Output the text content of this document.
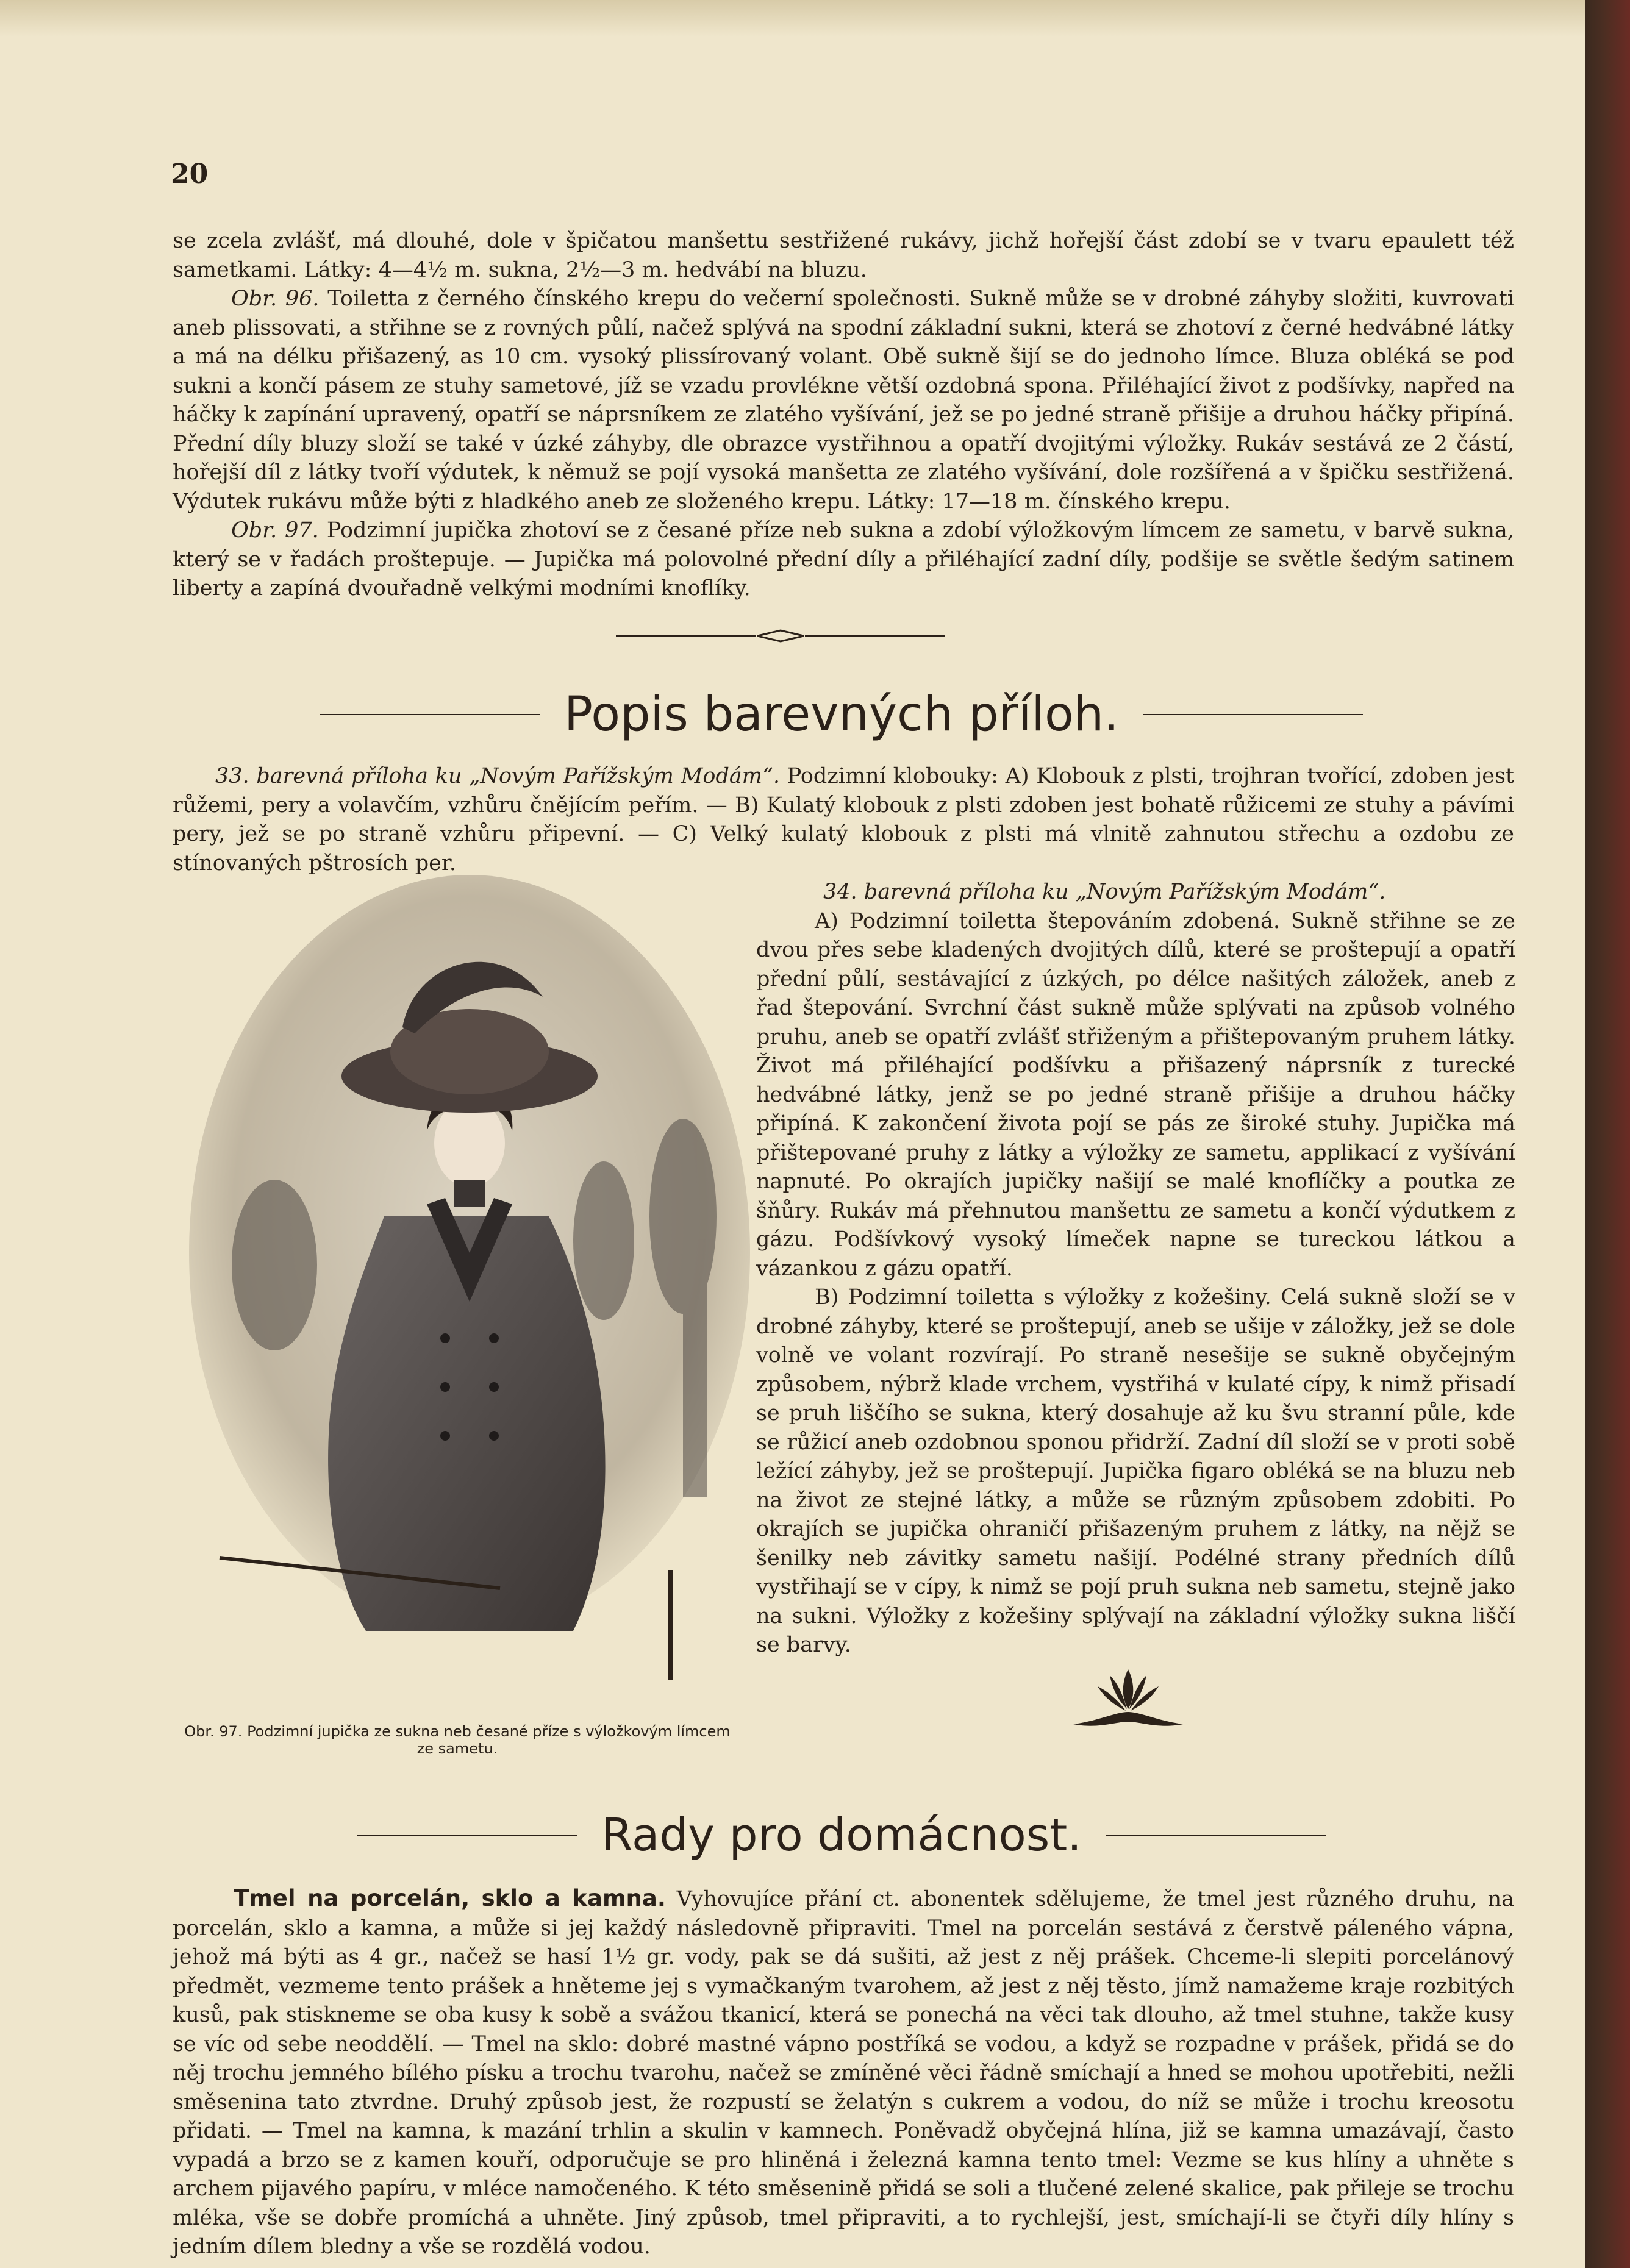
20

se zcela zvlášť, má dlouhé, dole v špičatou manšettu sestřižené rukávy, jichž hořejší část zdobí se v tvaru epaulett též sametkami. Látky: 4—4½ m. sukna, 2½—3 m. hedvábí na bluzu.

Obr. 96. Toiletta z černého čínského krepu do večerní společnosti. Sukně může se v drobné záhyby složiti, kuvrovati aneb plissovati, a střihne se z rovných půlí, načež splývá na spodní základní sukni, která se zhotoví z černé hedvábné látky a má na délku přišazený, as 10 cm. vysoký plissírovaný volant. Obě sukně šijí se do jednoho límce. Bluza obléká se pod sukni a končí pásem ze stuhy sametové, jíž se vzadu provlékne větší ozdobná spona. Přiléhající život z podšívky, napřed na háčky k zapínání upravený, opatří se náprsníkem ze zlatého vyšívání, jež se po jedné straně přišije a druhou háčky připíná. Přední díly bluzy složí se také v úzké záhyby, dle obrazce vystřihnou a opatří dvojitými výložky. Rukáv sestává ze 2 částí, hořejší díl z látky tvoří výdutek, k němuž se pojí vysoká manšetta ze zlatého vyšívání, dole rozšířená a v špičku sestřižená. Výdutek rukávu může býti z hladkého aneb ze složeného krepu. Látky: 17—18 m. čínského krepu.

Obr. 97. Podzimní jupička zhotoví se z česané příze neb sukna a zdobí výložkovým límcem ze sametu, v barvě sukna, který se v řadách proštepuje. — Jupička má polovolné přední díly a přiléhající zadní díly, podšije se světle šedým satinem liberty a zapíná dvouřadně velkými modními knoflíky.

Popis barevných příloh.

33. barevná příloha ku „Novým Pařížským Modám“. Podzimní klobouky: A) Klobouk z plsti, trojhran tvořící, zdoben jest růžemi, pery a volavčím, vzhůru čnějícím peřím. — B) Kulatý klobouk z plsti zdoben jest bohatě růžicemi ze stuhy a pávími pery, jež se po straně vzhůru připevní. — C) Velký kulatý klobouk z plsti má vlnitě zahnutou střechu a ozdobu ze stínovaných pštrosích per.

Obr. 97. Podzimní jupička ze sukna neb česané příze s výložkovým límcem ze sametu.

34. barevná příloha ku „Novým Pařížským Modám“.

A) Podzimní toiletta štepováním zdobená. Sukně střihne se ze dvou přes sebe kladených dvojitých dílů, které se proštepují a opatří přední půlí, sestávající z úzkých, po délce našitých záložek, aneb z řad štepování. Svrchní část sukně může splývati na způsob volného pruhu, aneb se opatří zvlášť střiženým a přištepovaným pruhem látky. Život má přiléhající podšívku a přišazený náprsník z turecké hedvábné látky, jenž se po jedné straně přišije a druhou háčky připíná. K zakončení života pojí se pás ze široké stuhy. Jupička má přištepované pruhy z látky a výložky ze sametu, applikací z vyšívání napnuté. Po okrajích jupičky našijí se malé knoflíčky a poutka ze šňůry. Rukáv má přehnutou manšettu ze sametu a končí výdutkem z gázu. Podšívkový vysoký límeček napne se tureckou látkou a vázankou z gázu opatří.

B) Podzimní toiletta s výložky z kožešiny. Celá sukně složí se v drobné záhyby, které se proštepují, aneb se ušije v záložky, jež se dole volně ve volant rozvírají. Po straně nesešije se sukně obyčejným způsobem, nýbrž klade vrchem, vystřihá v kulaté cípy, k nimž přisadí se pruh liščího se sukna, který dosahuje až ku švu stranní půle, kde se růžicí aneb ozdobnou sponou přidrží. Zadní díl složí se v proti sobě ležící záhyby, jež se proštepují. Jupička figaro obléká se na bluzu neb na život ze stejné látky, a může se různým způsobem zdobiti. Po okrajích se jupička ohraničí přišazeným pruhem z látky, na nějž se šenilky neb závitky sametu našijí. Podélné strany předních dílů vystřihají se v cípy, k nimž se pojí pruh sukna neb sametu, stejně jako na sukni. Výložky z kožešiny splývají na základní výložky sukna liščí se barvy.

Rady pro domácnost.

Tmel na porcelán, sklo a kamna. Vyhovujíce přání ct. abonentek sdělujeme, že tmel jest různého druhu, na porcelán, sklo a kamna, a může si jej každý následovně připraviti. Tmel na porcelán sestává z čerstvě páleného vápna, jehož má býti as 4 gr., načež se hasí 1½ gr. vody, pak se dá sušiti, až jest z něj prášek. Chceme-li slepiti porcelánový předmět, vezmeme tento prášek a hněteme jej s vymačkaným tvarohem, až jest z něj těsto, jímž namažeme kraje rozbitých kusů, pak stiskneme se oba kusy k sobě a svážou tkanicí, která se ponechá na věci tak dlouho, až tmel stuhne, takže kusy se víc od sebe neoddělí. — Tmel na sklo: dobré mastné vápno postříká se vodou, a když se rozpadne v prášek, přidá se do něj trochu jemného bílého písku a trochu tvarohu, načež se zmíněné věci řádně smíchají a hned se mohou upotřebiti, nežli směsenina tato ztvrdne. Druhý způsob jest, že rozpustí se želatýn s cukrem a vodou, do níž se může i trochu kreosotu přidati. — Tmel na kamna, k mazání trhlin a skulin v kamnech. Poněvadž obyčejná hlína, již se kamna umazávají, často vypadá a brzo se z kamen kouří, odporučuje se pro hliněná i železná kamna tento tmel: Vezme se kus hlíny a uhněte s archem pijavého papíru, v mléce namočeného. K této směsenině přidá se soli a tlučené zelené skalice, pak přileje se trochu mléka, vše se dobře promíchá a uhněte. Jiný způsob, tmel připraviti, a to rychlejší, jest, smíchají-li se čtyři díly hlíny s jedním dílem bledny a vše se rozdělá vodou.
